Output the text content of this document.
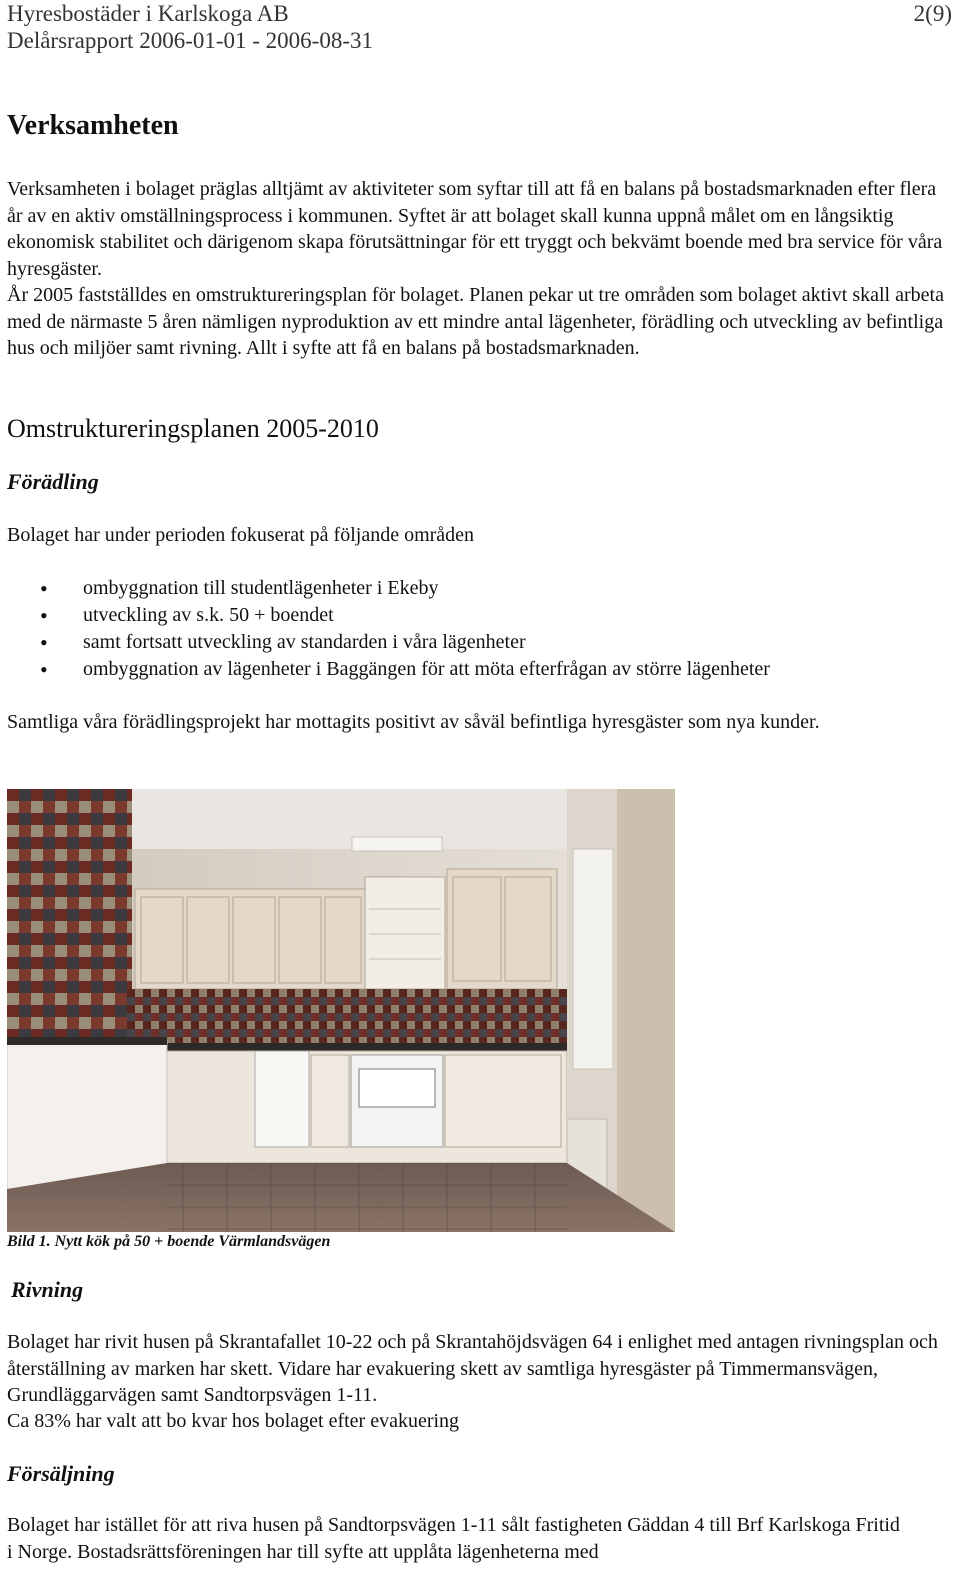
Hyresbostäder i Karlskoga AB
Delårsrapport 2006-01-01 - 2006-08-31
2(9)
Verksamheten

Verksamheten i bolaget präglas alltjämt av aktiviteter som syftar till att få en balans på bostadsmarknaden efter flera år av en aktiv omställningsprocess i kommunen. Syftet är att bolaget skall kunna uppnå målet om en långsiktig ekonomisk stabilitet och därigenom skapa förutsättningar för ett tryggt och bekvämt boende med bra service för våra hyresgäster.

År 2005 fastställdes en omstruktureringsplan för bolaget. Planen pekar ut tre områden som bolaget aktivt skall arbeta med de närmaste 5 åren nämligen nyproduktion av ett mindre antal lägenheter, förädling och utveckling av befintliga hus och miljöer samt rivning. Allt i syfte att få en balans på bostadsmarknaden.

Omstruktureringsplanen 2005-2010
Förädling

Bolaget har under perioden fokuserat på följande områden

• ombyggnation till studentlägenheter i Ekeby
• utveckling av s.k. 50 + boendet
• samt fortsatt utveckling av standarden i våra lägenheter
• ombyggnation av lägenheter i Baggängen för att möta efterfrågan av större lägenheter

Samtliga våra förädlingsprojekt har mottagits positivt av såväl befintliga hyresgäster som nya kunder.

Bild 1. Nytt kök på 50 + boende Värmlandsvägen
Rivning

Bolaget har rivit husen på Skrantafallet 10-22 och på Skrantahöjdsvägen 64 i enlighet med antagen rivningsplan och återställning av marken har skett. Vidare har evakuering skett av samtliga hyresgäster på Timmermansvägen, Grundläggarvägen samt Sandtorpsvägen 1-11.

Ca 83% har valt att bo kvar hos bolaget efter evakuering

Försäljning

Bolaget har istället för att riva husen på Sandtorpsvägen 1-11 sålt fastigheten Gäddan 4 till Brf Karlskoga Fritid i Norge. Bostadsrättsföreningen har till syfte att upplåta lägenheterna med
